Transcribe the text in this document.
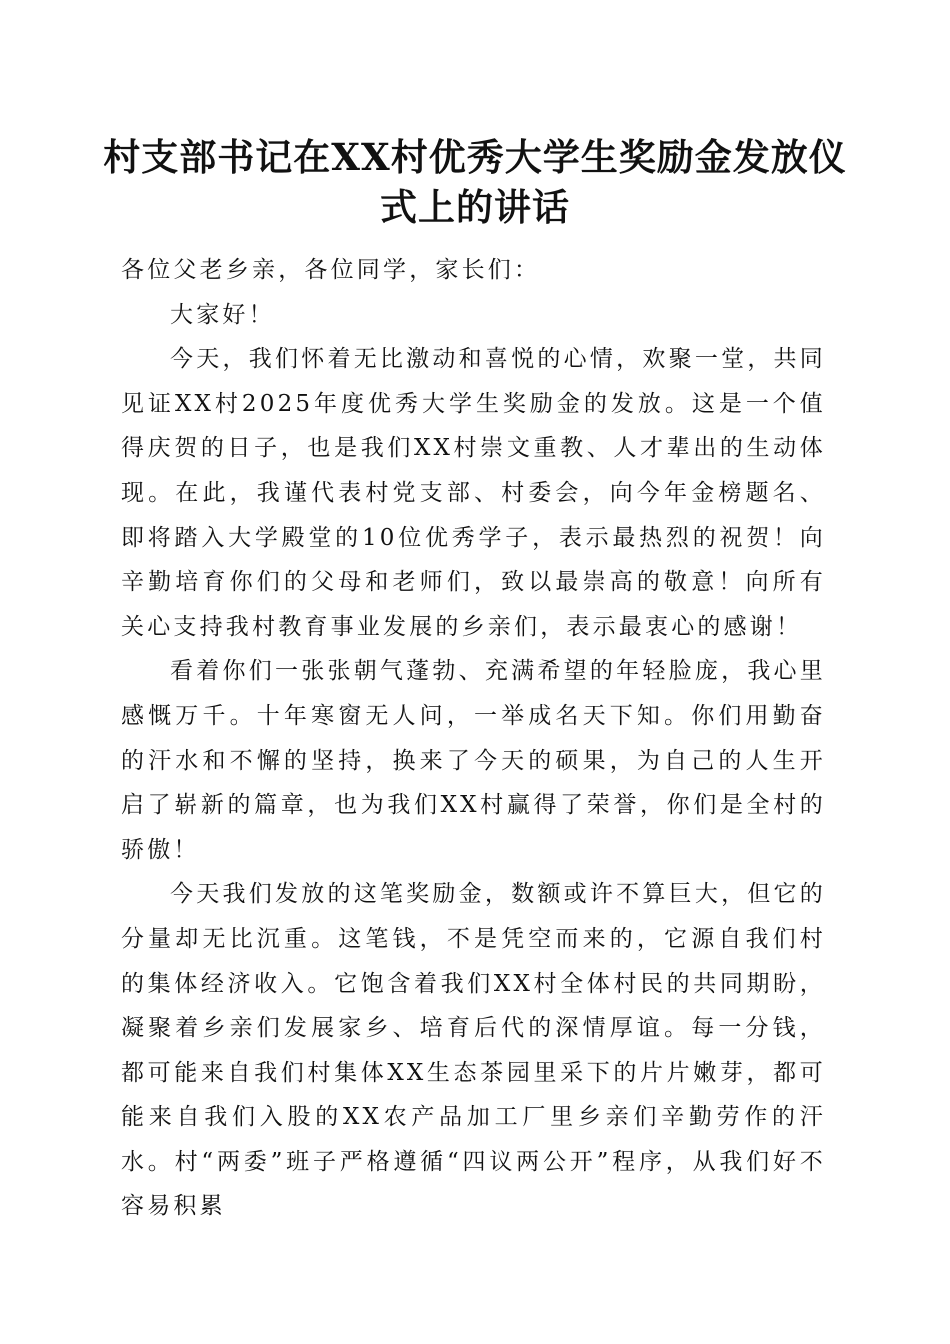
村支部书记在XX村优秀大学生奖励金发放仪式上的讲话

各位父老乡亲，各位同学，家长们：

大家好！

今天，我们怀着无比激动和喜悦的心情，欢聚一堂，共同见证XX村2025年度优秀大学生奖励金的发放。这是一个值得庆贺的日子，也是我们XX村崇文重教、人才辈出的生动体现。在此，我谨代表村党支部、村委会，向今年金榜题名、即将踏入大学殿堂的10位优秀学子，表示最热烈的祝贺！向辛勤培育你们的父母和老师们，致以最崇高的敬意！向所有关心支持我村教育事业发展的乡亲们，表示最衷心的感谢！

看着你们一张张朝气蓬勃、充满希望的年轻脸庞，我心里感慨万千。十年寒窗无人问，一举成名天下知。你们用勤奋的汗水和不懈的坚持，换来了今天的硕果，为自己的人生开启了崭新的篇章，也为我们XX村赢得了荣誉，你们是全村的骄傲！

今天我们发放的这笔奖励金，数额或许不算巨大，但它的分量却无比沉重。这笔钱，不是凭空而来的，它源自我们村的集体经济收入。它饱含着我们XX村全体村民的共同期盼，凝聚着乡亲们发展家乡、培育后代的深情厚谊。每一分钱，都可能来自我们村集体XX生态茶园里采下的片片嫩芽，都可能来自我们入股的XX农产品加工厂里乡亲们辛勤劳作的汗水。村“两委”班子严格遵循“四议两公开”程序，从我们好不容易积累
